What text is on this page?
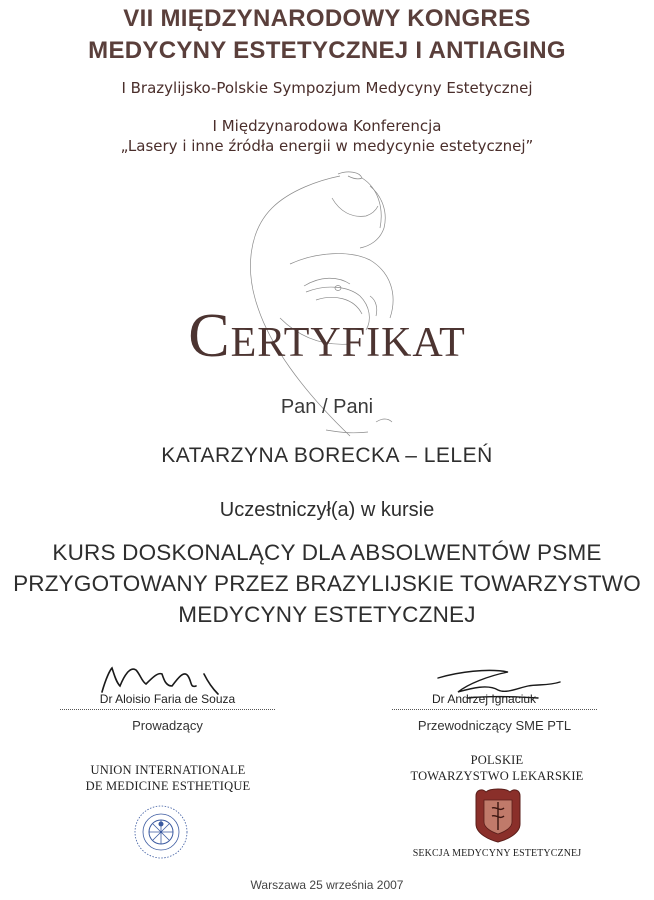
VII MIĘDZYNARODOWY KONGRES
MEDYCYNY ESTETYCZNEJ I ANTIAGING
I Brazylijsko-Polskie Sympozjum Medycyny Estetycznej
I Międzynarodowa Konferencja
„Lasery i inne źródła energii w medycynie estetycznej”
CERTYFIKAT
Pan / Pani
KATARZYNA BORECKA – LELEŃ
Uczestniczył(a) w kursie
KURS DOSKONALĄCY DLA ABSOLWENTÓW PSME
PRZYGOTOWANY PRZEZ BRAZYLIJSKIE TOWARZYSTWO
MEDYCYNY ESTETYCZNEJ
Dr Aloisio Faria de Souza
Prowadzący
Dr Andrzej Ignaciuk
Przewodniczący SME PTL
UNION INTERNATIONALE
DE MEDICINE ESTHETIQUE
POLSKIE
TOWARZYSTWO LEKARSKIE
SEKCJA MEDYCYNY ESTETYCZNEJ
Warszawa 25 września 2007
